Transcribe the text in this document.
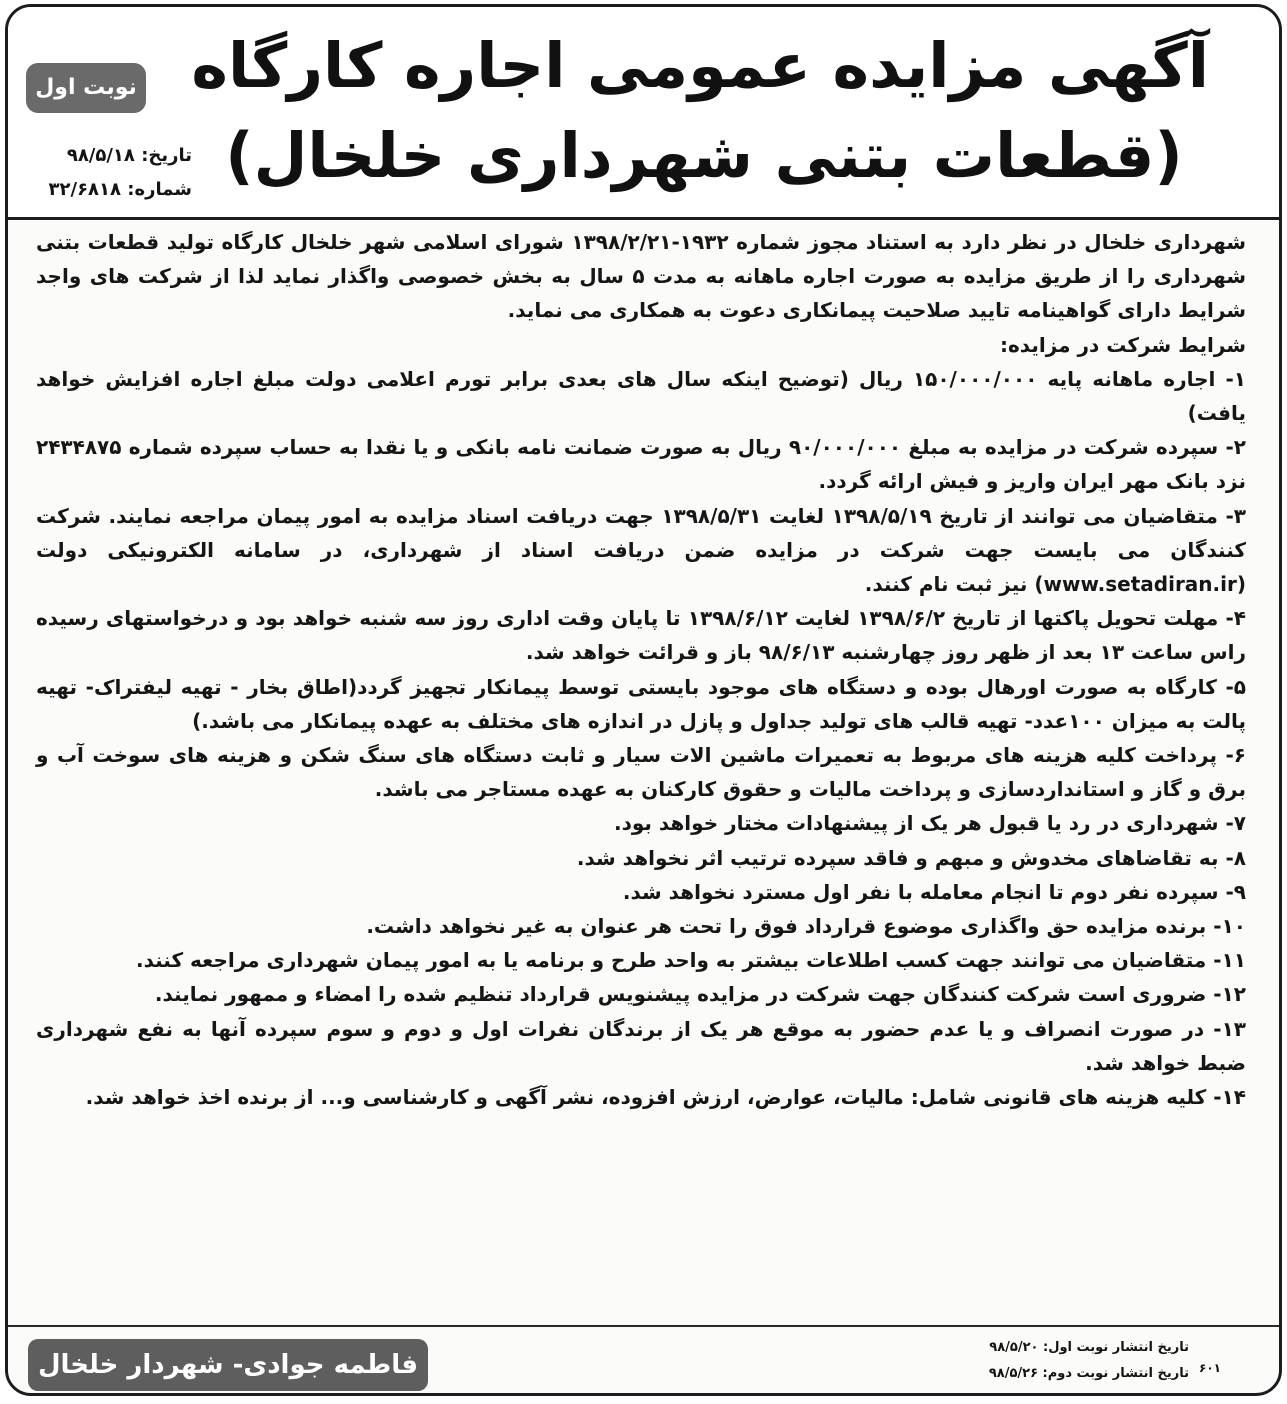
آگهی مزایده عمومی اجاره کارگاه
(قطعات بتنی شهرداری خلخال)
نوبت اول
تاریخ: ۹۸/۵/۱۸
شماره: ۳۲/۶۸۱۸

شهرداری خلخال در نظر دارد به استناد مجوز شماره ۱۹۳۲-۱۳۹۸/۲/۲۱ شورای اسلامی شهر خلخال کارگاه تولید قطعات بتنی شهرداری را از طریق مزایده به صورت اجاره ماهانه به مدت ۵ سال به بخش خصوصی واگذار نماید لذا از شرکت های واجد شرایط دارای گواهینامه تایید صلاحیت پیمانکاری دعوت به همکاری می نماید.

شرایط شرکت در مزایده:

۱- اجاره ماهانه پایه ۱۵۰/۰۰۰/۰۰۰ ریال (توضیح اینکه سال های بعدی برابر تورم اعلامی دولت مبلغ اجاره افزایش خواهد یافت)

۲- سپرده شرکت در مزایده به مبلغ ۹۰/۰۰۰/۰۰۰ ریال به صورت ضمانت نامه بانکی و یا نقدا به حساب سپرده شماره ۲۴۳۴۸۷۵ نزد بانک مهر ایران واریز و فیش ارائه گردد.

۳- متقاضیان می توانند از تاریخ ۱۳۹۸/۵/۱۹ لغایت ۱۳۹۸/۵/۳۱ جهت دریافت اسناد مزایده به امور پیمان مراجعه نمایند. شرکت کنندگان می بایست جهت شرکت در مزایده ضمن دریافت اسناد از شهرداری، در سامانه الکترونیکی دولت (www.setadiran.ir) نیز ثبت نام کنند.

۴- مهلت تحویل پاکتها از تاریخ ۱۳۹۸/۶/۲ لغایت ۱۳۹۸/۶/۱۲ تا پایان وقت اداری روز سه شنبه خواهد بود و درخواستهای رسیده راس ساعت ۱۳ بعد از ظهر روز چهارشنبه ۹۸/۶/۱۳ باز و قرائت خواهد شد.

۵- کارگاه به صورت اورهال بوده و دستگاه های موجود بایستی توسط پیمانکار تجهیز گردد(اطاق بخار - تهیه لیفتراک- تهیه پالت به میزان ۱۰۰عدد- تهیه قالب های تولید جداول و پازل در اندازه های مختلف به عهده پیمانکار می باشد.)

۶- پرداخت کلیه هزینه های مربوط به تعمیرات ماشین الات سیار و ثابت دستگاه های سنگ شکن و هزینه های سوخت آب و برق و گاز و استانداردسازی و پرداخت مالیات و حقوق کارکنان به عهده مستاجر می باشد.

۷- شهرداری در رد یا قبول هر یک از پیشنهادات مختار خواهد بود.

۸- به تقاضاهای مخدوش و مبهم و فاقد سپرده ترتیب اثر نخواهد شد.

۹- سپرده نفر دوم تا انجام معامله با نفر اول مسترد نخواهد شد.

۱۰- برنده مزایده حق واگذاری موضوع قرارداد فوق را تحت هر عنوان به غیر نخواهد داشت.

۱۱- متقاضیان می توانند جهت کسب اطلاعات بیشتر به واحد طرح و برنامه یا به امور پیمان شهرداری مراجعه کنند.

۱۲- ضروری است شرکت کنندگان جهت شرکت در مزایده پیشنویس قرارداد تنظیم شده را امضاء و ممهور نمایند.

۱۳- در صورت انصراف و یا عدم حضور به موقع هر یک از برندگان نفرات اول و دوم و سوم سپرده آنها به نفع شهرداری ضبط خواهد شد.

۱۴- کلیه هزینه های قانونی شامل: مالیات، عوارض، ارزش افزوده، نشر آگهی و کارشناسی و... از برنده اخذ خواهد شد.

فاطمه جوادی- شهردار خلخال
تاریخ انتشار نوبت اول: ۹۸/۵/۲۰
تاریخ انتشار نوبت دوم: ۹۸/۵/۲۶ ۶۰۱
